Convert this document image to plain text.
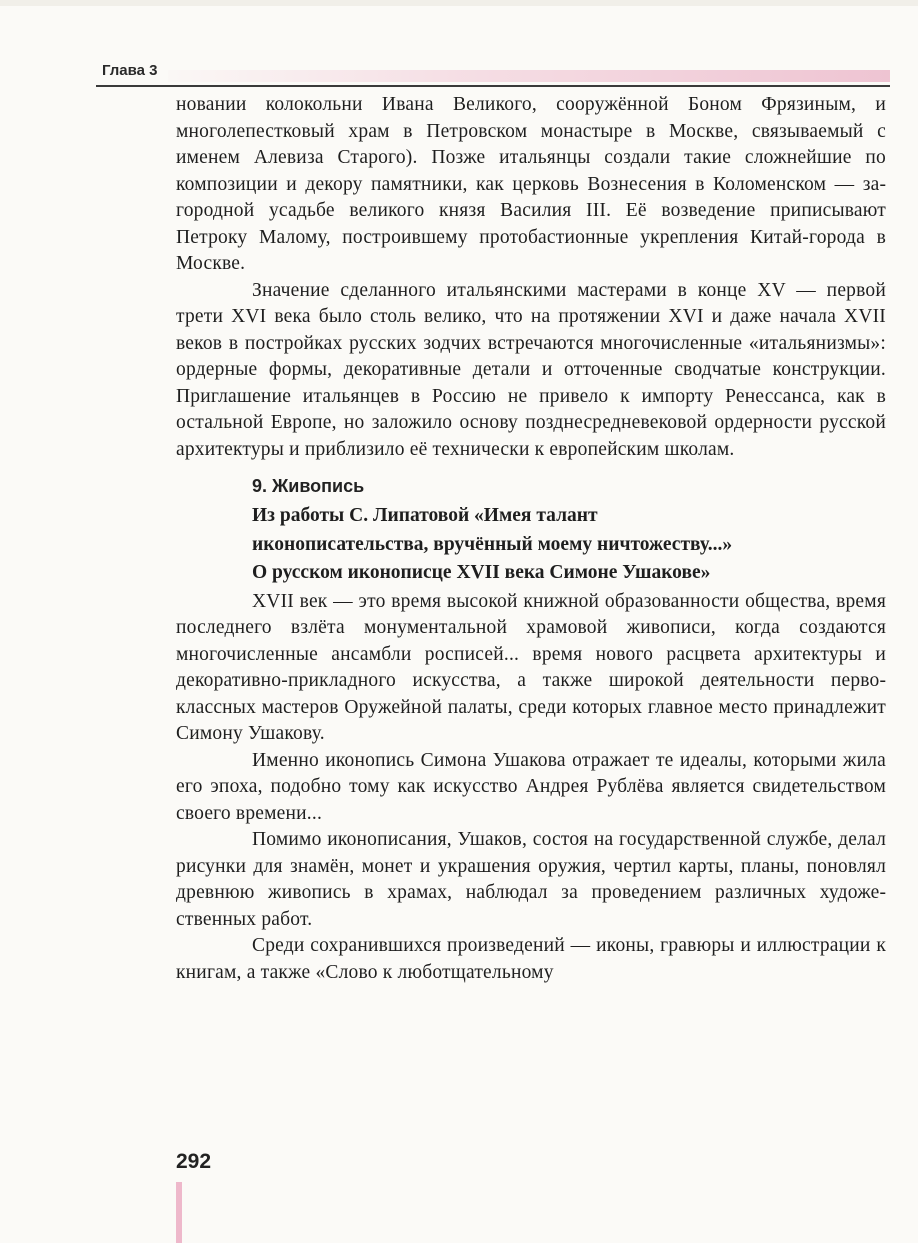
Глава 3

новании колокольни Ивана Великого, сооружённой Боном Фрязиным, и многолепестковый храм в Петровском монастыре в Москве, связываемый с именем Алевиза Старого). Позже итальянцы создали такие сложнейшие по композиции и декору памятники, как церковь Вознесения в Коломенском — загородной усадьбе великого князя Василия III. Её возведение приписывают Петроку Малому, построившему протобастионные укрепления Китай-города в Москве.

Значение сделанного итальянскими мастерами в конце XV — первой трети XVI века было столь велико, что на протяжении XVI и даже начала XVII веков в постройках русских зодчих встречаются многочисленные «итальянизмы»: ордерные формы, декоративные детали и отточенные сводчатые конструкции. Приглашение итальянцев в Россию не привело к импорту Ренессанса, как в остальной Европе, но заложило основу позднесредневековой ордерности русской архитектуры и приблизило её технически к европейским школам.

9. Живопись
Из работы С. Липатовой «Имея талант
иконописательства, вручённый моему ничтожеству...»
О русском иконописце XVII века Симоне Ушакове»

XVII век — это время высокой книжной образованности общества, время последнего взлёта монументальной храмовой живописи, когда создаются многочисленные ансамбли росписей... время нового расцвета архитектуры и декоративно-прикладного искусства, а также широкой деятельности первоклассных мастеров Оружейной палаты, среди которых главное место принадлежит Симону Ушакову.

Именно иконопись Симона Ушакова отражает те идеалы, которыми жила его эпоха, подобно тому как искусство Андрея Рублёва является свидетельством своего времени...

Помимо иконописания, Ушаков, состоя на государственной службе, делал рисунки для знамён, монет и украшения оружия, чертил карты, планы, поновлял древнюю живопись в храмах, наблюдал за проведением различных художественных работ.

Среди сохранившихся произведений — иконы, гравюры и иллюстрации к книгам, а также «Слово к люботщательному

292
